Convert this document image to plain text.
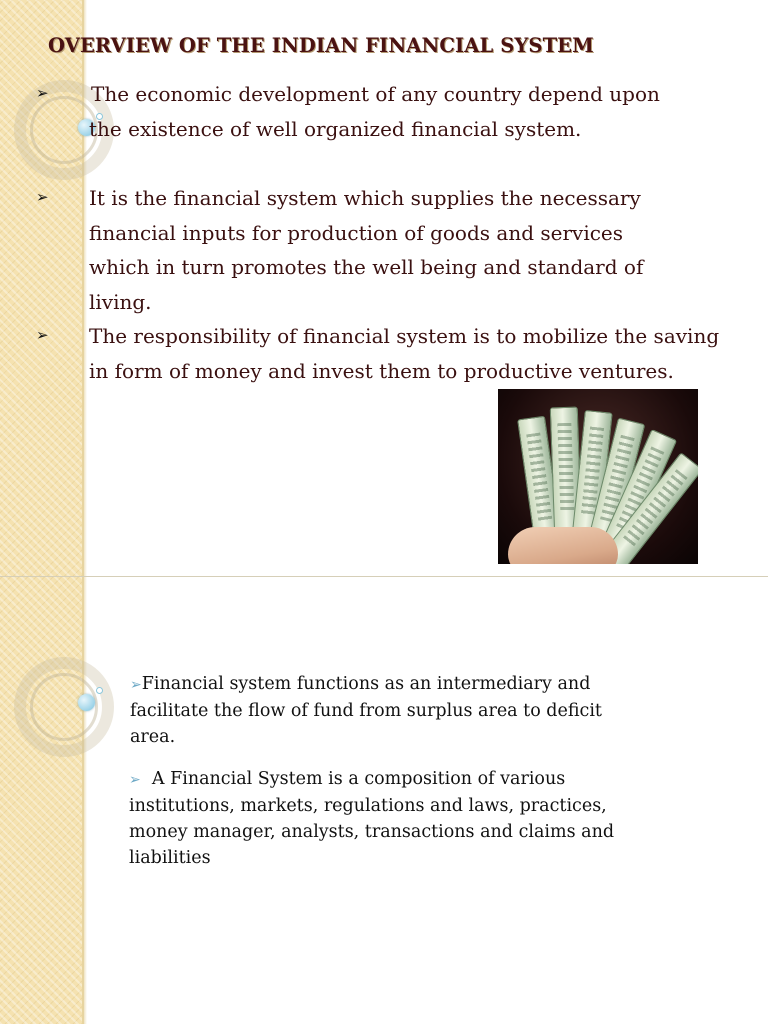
OVERVIEW OF THE INDIAN FINANCIAL SYSTEM
➢ The economic development of any country depend upon the existence of well organized financial system.

➢ It is the financial system which supplies the necessary financial inputs for production of goods and services which in turn promotes the well being and standard of living.

➢ The responsibility of financial system is to mobilize the saving in form of money and invest them to productive ventures.

➢Financial system functions as an intermediary and facilitate the flow of fund from surplus area to deficit area.

➢ A Financial System is a composition of various institutions, markets, regulations and laws, practices, money manager, analysts, transactions and claims and liabilities
